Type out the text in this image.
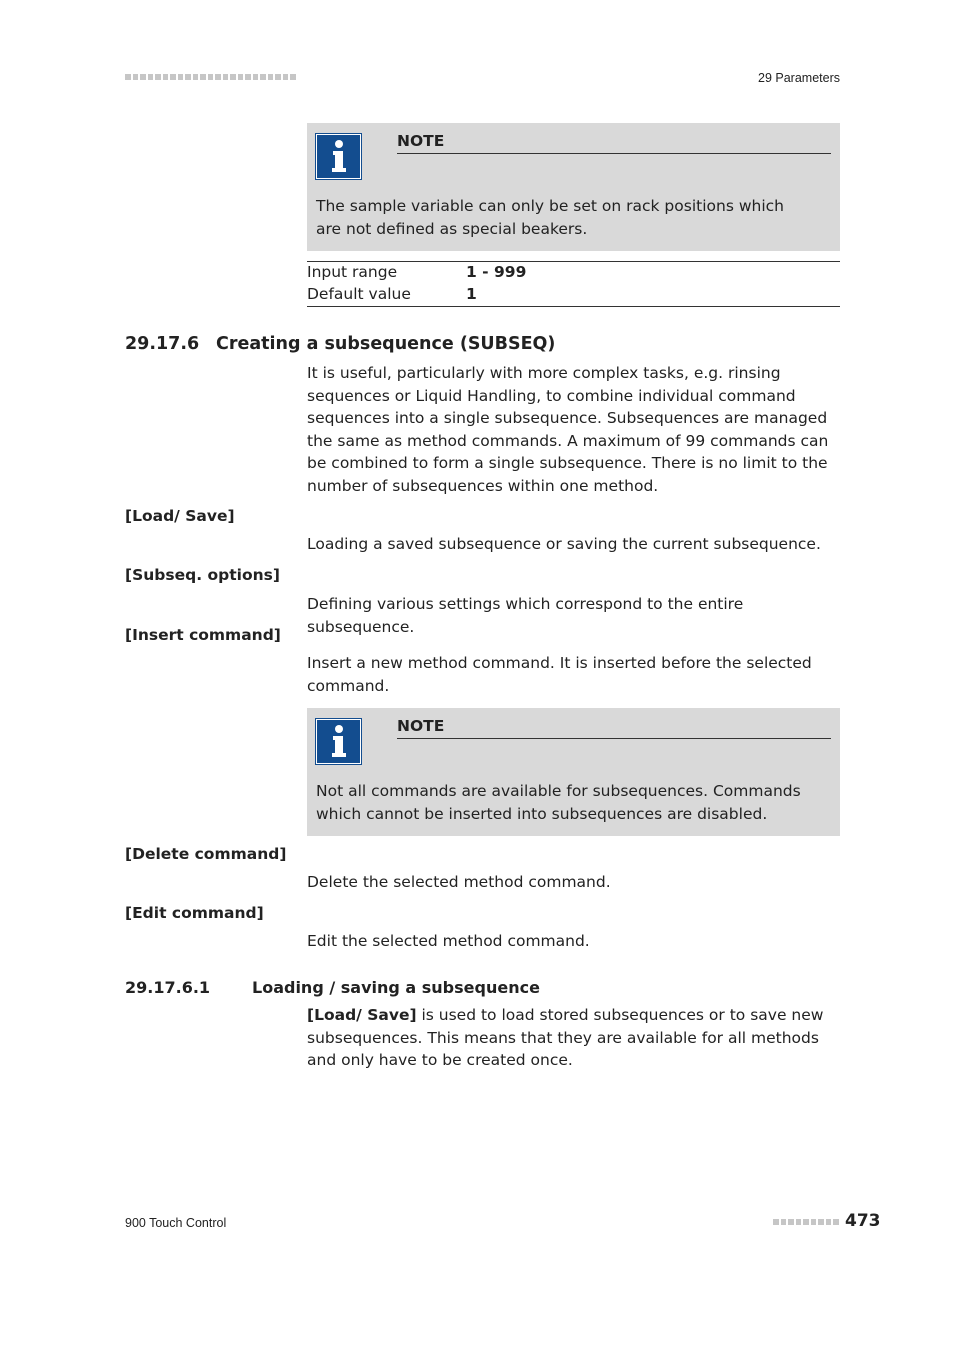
29 Parameters
NOTE
The sample variable can only be set on rack positions which are not defined as special beakers.
Input range	1 - 999
Default value	1
29.17.6 Creating a subsequence (SUBSEQ)
It is useful, particularly with more complex tasks, e.g. rinsing sequences or Liquid Handling, to combine individual command sequences into a single subsequence. Subsequences are managed the same as method commands. A maximum of 99 commands can be combined to form a single subsequence. There is no limit to the number of subsequences within one method.
[Load/ Save]
Loading a saved subsequence or saving the current subsequence.
[Subseq. options]
Defining various settings which correspond to the entire subsequence.
[Insert command]
Insert a new method command. It is inserted before the selected command.
NOTE
Not all commands are available for subsequences. Commands which cannot be inserted into subsequences are disabled.
[Delete command]
Delete the selected method command.
[Edit command]
Edit the selected method command.
29.17.6.1	Loading / saving a subsequence
[Load/ Save] is used to load stored subsequences or to save new subsequences. This means that they are available for all methods and only have to be created once.
900 Touch Control	473
